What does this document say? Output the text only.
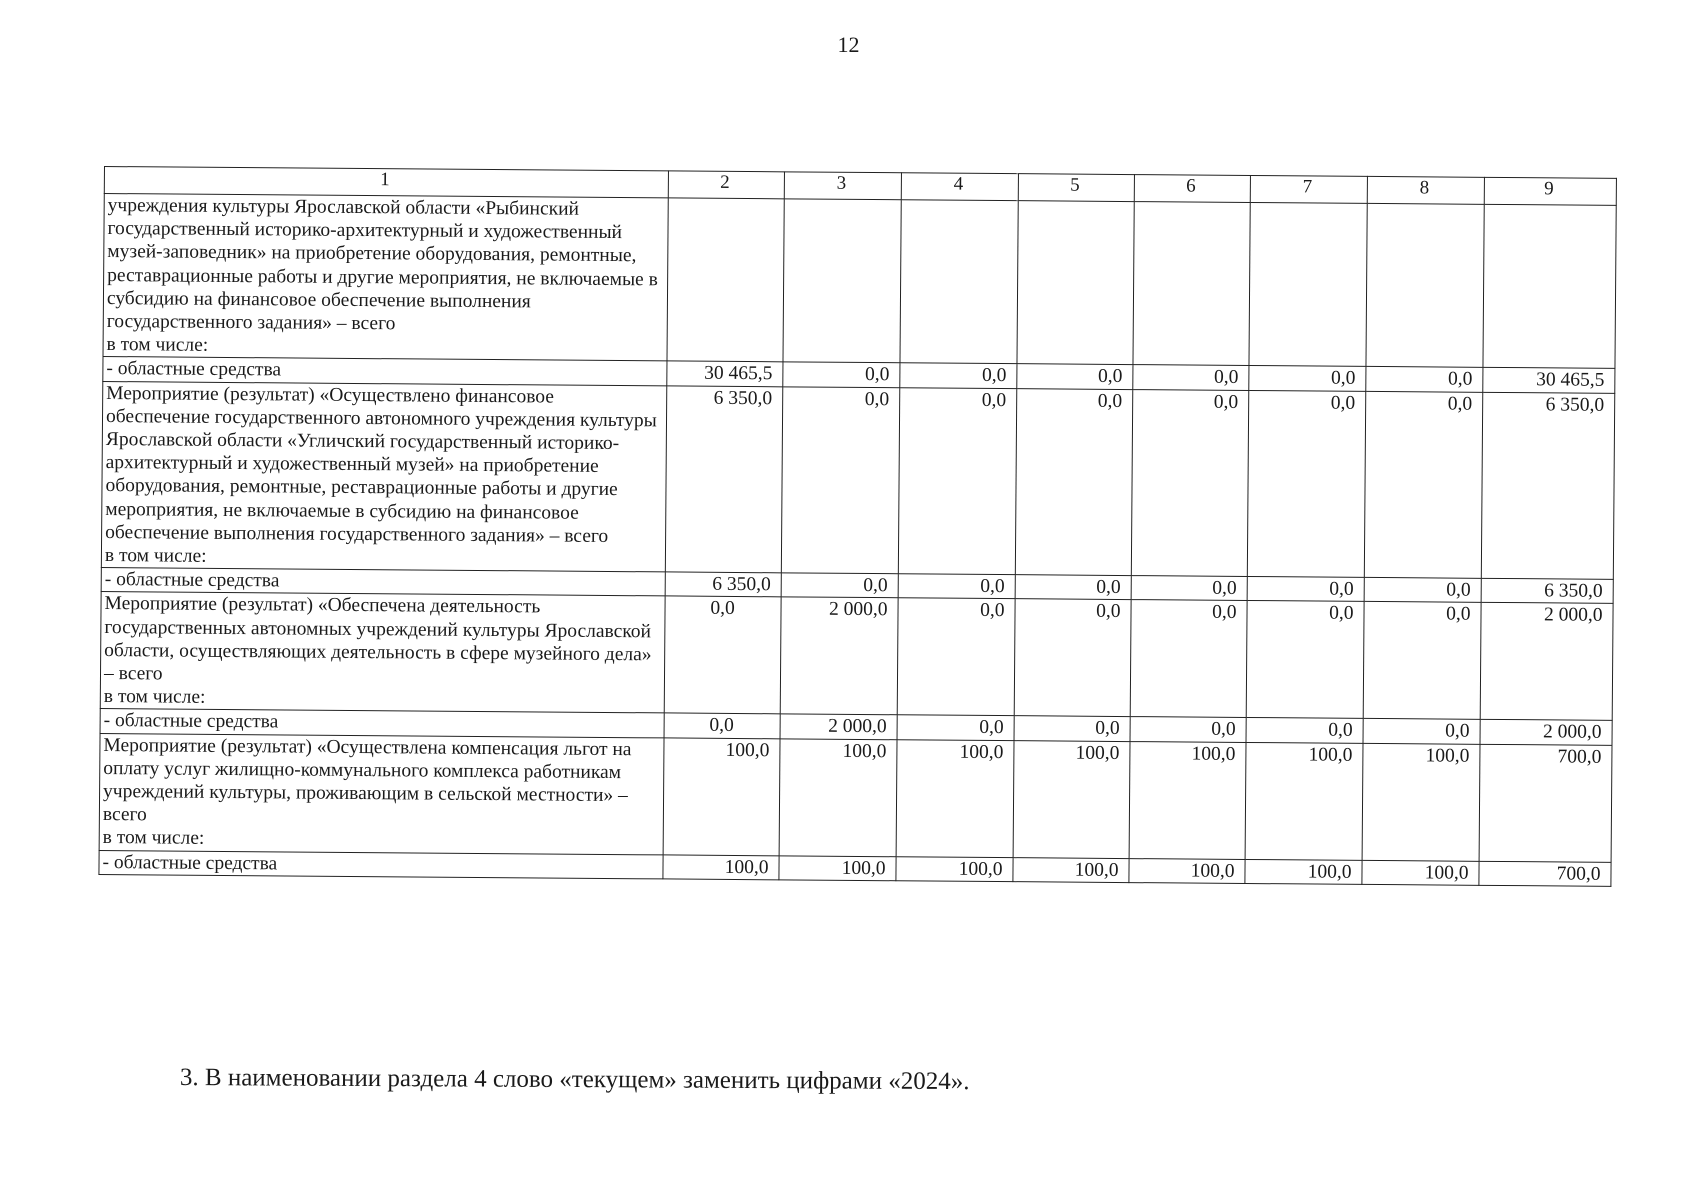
12
1	2	3	4	5	6	7	8	9
учреждения культуры Ярославской области «Рыбинский государственный историко-архитектурный и художественный музей-заповедник» на приобретение оборудования, ремонтные, реставрационные работы и другие мероприятия, не включаемые в субсидию на финансовое обеспечение выполнения государственного задания» – всего
в том числе:								
- областные средства	30 465,5	0,0	0,0	0,0	0,0	0,0	0,0	30 465,5
Мероприятие (результат) «Осуществлено финансовое обеспечение государственного автономного учреждения культуры Ярославской области «Угличский государственный историко-архитектурный и художественный музей» на приобретение оборудования, ремонтные, реставрационные работы и другие мероприятия, не включаемые в субсидию на финансовое обеспечение выполнения государственного задания» – всего
в том числе:	6 350,0	0,0	0,0	0,0	0,0	0,0	0,0	6 350,0
- областные средства	6 350,0	0,0	0,0	0,0	0,0	0,0	0,0	6 350,0
Мероприятие (результат) «Обеспечена деятельность государственных автономных учреждений культуры Ярославской области, осуществляющих деятельность в сфере музейного дела» – всего
в том числе:	0,0	2 000,0	0,0	0,0	0,0	0,0	0,0	2 000,0
- областные средства	0,0	2 000,0	0,0	0,0	0,0	0,0	0,0	2 000,0
Мероприятие (результат) «Осуществлена компенсация льгот на оплату услуг жилищно-коммунального комплекса работникам учреждений культуры, проживающим в сельской местности» – всего
в том числе:	100,0	100,0	100,0	100,0	100,0	100,0	100,0	700,0
- областные средства	100,0	100,0	100,0	100,0	100,0	100,0	100,0	700,0
3. В наименовании раздела 4 слово «текущем» заменить цифрами «2024».
